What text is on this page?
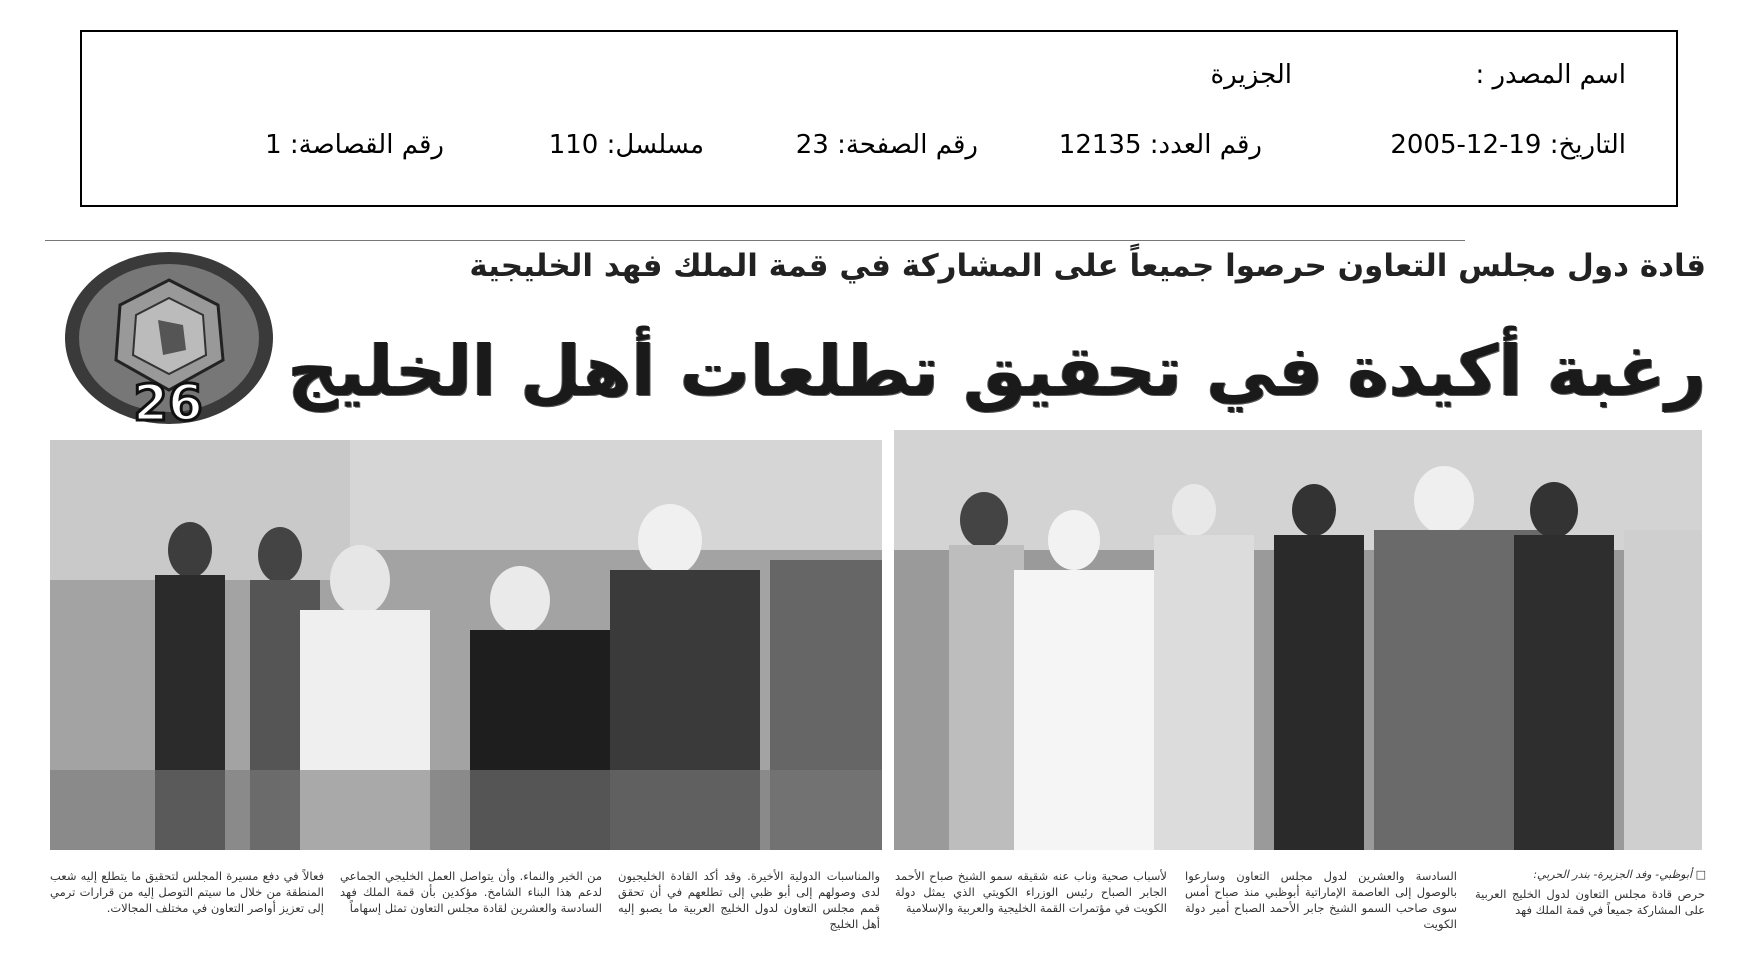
اسم المصدر :
الجزيرة
التاريخ: 19-12-2005
رقم العدد: 12135
رقم الصفحة: 23
مسلسل: 110
رقم القصاصة: 1
26
قادة دول مجلس التعاون حرصوا جميعاً على المشاركة في قمة الملك فهد الخليجية
رغبة أكيدة في تحقيق تطلعات أهل الخليج
□ أبوظبي- وفد الجزيرة- بندر الحربي:
حرص قادة مجلس التعاون لدول الخليج العربية على المشاركة جميعاً في قمة الملك فهد
السادسة والعشرين لدول مجلس التعاون وسارعوا بالوصول إلى العاصمة الإماراتية أبوظبي منذ صباح أمس سوى صاحب السمو الشيخ جابر الأحمد الصباح أمير دولة الكويت
لأسباب صحية وناب عنه شقيقه سمو الشيخ صباح الأحمد الجابر الصباح رئيس الوزراء الكويتي الذي يمثل دولة الكويت في مؤتمرات القمة الخليجية والعربية والإسلامية
والمناسبات الدولية الأخيرة. وقد أكد القادة الخليجيون لدى وصولهم إلى أبو ظبي إلى تطلعهم في أن تحقق قمم مجلس التعاون لدول الخليج العربية ما يصبو إليه أهل الخليج
من الخير والنماء. وأن يتواصل العمل الخليجي الجماعي لدعم هذا البناء الشامخ. مؤكدين بأن قمة الملك فهد السادسة والعشرين لقادة مجلس التعاون تمثل إسهاماً
فعالاً في دفع مسيرة المجلس لتحقيق ما يتطلع إليه شعب المنطقة من خلال ما سيتم التوصل إليه من قرارات ترمي إلى تعزيز أواصر التعاون في مختلف المجالات.
